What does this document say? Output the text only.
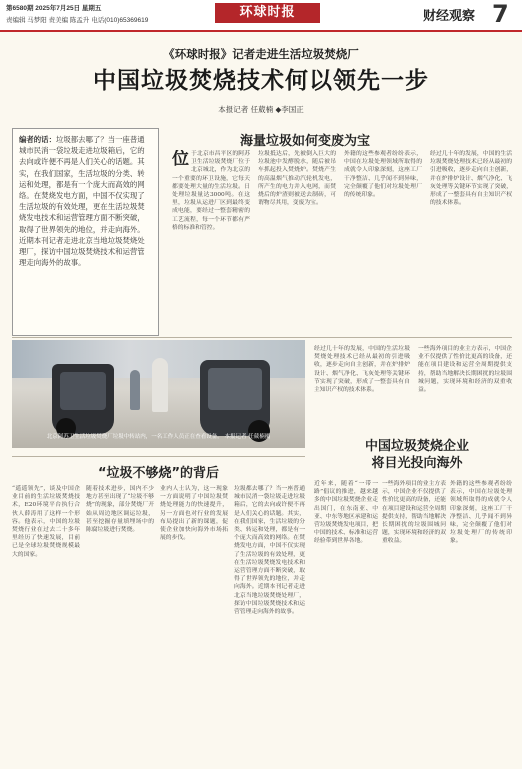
第6580期 2025年7月25日 星期五
责编辑 马梦阳 责美编 陈孟升 电话(010)65369619
环球时报	财经观察 7
《环球时报》记者走进生活垃圾焚烧厂
中国垃圾焚烧技术何以领先一步
本报记者 任葳楠 ◆李国正
编者的话：垃圾都去哪了？当一座普通城市民消一袋垃圾走进垃圾箱后，它的去向或许便不再是人们关心的话题。其实，在我们国家，生活垃圾的分类、转运和处理，都是有一个庞大而高效的网络。在焚烧发电方面，中国不仅实现了生活垃圾的有效处理，更在生活垃圾焚烧发电技术和运营管理方面不断突破，取得了世界领先的地位，并走向海外。近期本刊记者走进北京当地垃圾焚烧处理厂，探访中国垃圾焚烧技术和运营管理走向海外的故事。
海量垃圾如何变废为宝
位于北京市昌平区的阿苏卫生活垃圾焚烧厂位于北京城北，作为北京的一个重要的环卫设施，它每天都要处理大量的生活垃圾。日处理垃圾量达3000吨。在这里，垃圾从运进厂区到最终变成电能，要经过一整套精密的工艺流程，每一个环节都有严格的标准和管控。
垃圾抵达后，先被倒入巨大的垃圾池中发酵脱水，随后被吊车抓起投入焚烧炉。焚烧产生的高温烟气推动汽轮机发电，所产生的电力并入电网，而焚烧后的炉渣则被送去制砖，可谓物尽其用，变废为宝。
外籍的这些参观者纷纷表示，中国在垃圾处理领域所取得的成就令人印象深刻，这座工厂干净整洁、几乎闻不到异味，完全颠覆了他们对垃圾处理厂的传统印象。
经过几十年的发展，中国的生活垃圾焚烧处理技术已经从最初的引进吸收，逐步走向自主创新，并在炉排炉设计、烟气净化、飞灰处理等关键环节实现了突破，形成了一整套具有自主知识产权的技术体系。
北京阿苏卫生活垃圾焚烧厂垃圾中转站内，一名工作人员正在查看设备。 本报记者 任葳楠摄
经过几十年的发展，中国的生活垃圾焚烧处理技术已经从最初的引进吸收，逐步走向自主创新，并在炉排炉设计、烟气净化、飞灰处理等关键环节实现了突破，形成了一整套具有自主知识产权的技术体系。
一些海外项目的业主方表示，中国企业不仅提供了性价比更高的设备，还能在项目建设和运营全周期提供支持，帮助当地解决长期困扰的垃圾围城问题，实现环境和经济的双重收益。
中国垃圾焚烧企业
将目光投向海外
“垃圾不够烧”的背后
“遥遥领先”，谈及中国企业目前的生活垃圾焚烧技术，E20环境平台执行合伙人薛涛用了这样一个形容。他表示，中国的垃圾焚烧行业在过去二十多年里经历了快速发展，目前已是全球垃圾焚烧规模最大的国家。
随着技术进步，国内不少地方甚至出现了“垃圾不够烧”的现象，部分焚烧厂开始从周边地区调运垃圾，甚至挖掘存量填埋场中的陈腐垃圾进行焚烧。
业内人士认为，这一现象一方面说明了中国垃圾焚烧处理能力的快速提升，另一方面也对行业的发展布局提出了新的课题，促使企业加快向海外市场拓展的步伐。
垃圾都去哪了？当一座普通城市民消一袋垃圾走进垃圾箱后，它的去向或许便不再是人们关心的话题。其实，在我们国家，生活垃圾的分类、转运和处理，都是有一个庞大而高效的网络。在焚烧发电方面，中国不仅实现了生活垃圾的有效处理，更在生活垃圾焚烧发电技术和运营管理方面不断突破，取得了世界领先的地位，并走向海外。近期本刊记者走进北京当地垃圾焚烧处理厂，探访中国垃圾焚烧技术和运营管理走向海外的故事。
近年来，随着“一带一路”倡议的推进，越来越多的中国垃圾焚烧企业走出国门，在东南亚、中亚、中东等地区承建和运营垃圾焚烧发电项目，把中国的技术、标准和运营经验带到世界各地。
一些海外项目的业主方表示，中国企业不仅提供了性价比更高的设备，还能在项目建设和运营全周期提供支持，帮助当地解决长期困扰的垃圾围城问题，实现环境和经济的双重收益。
外籍的这些参观者纷纷表示，中国在垃圾处理领域所取得的成就令人印象深刻，这座工厂干净整洁、几乎闻不到异味，完全颠覆了他们对垃圾处理厂的传统印象。
